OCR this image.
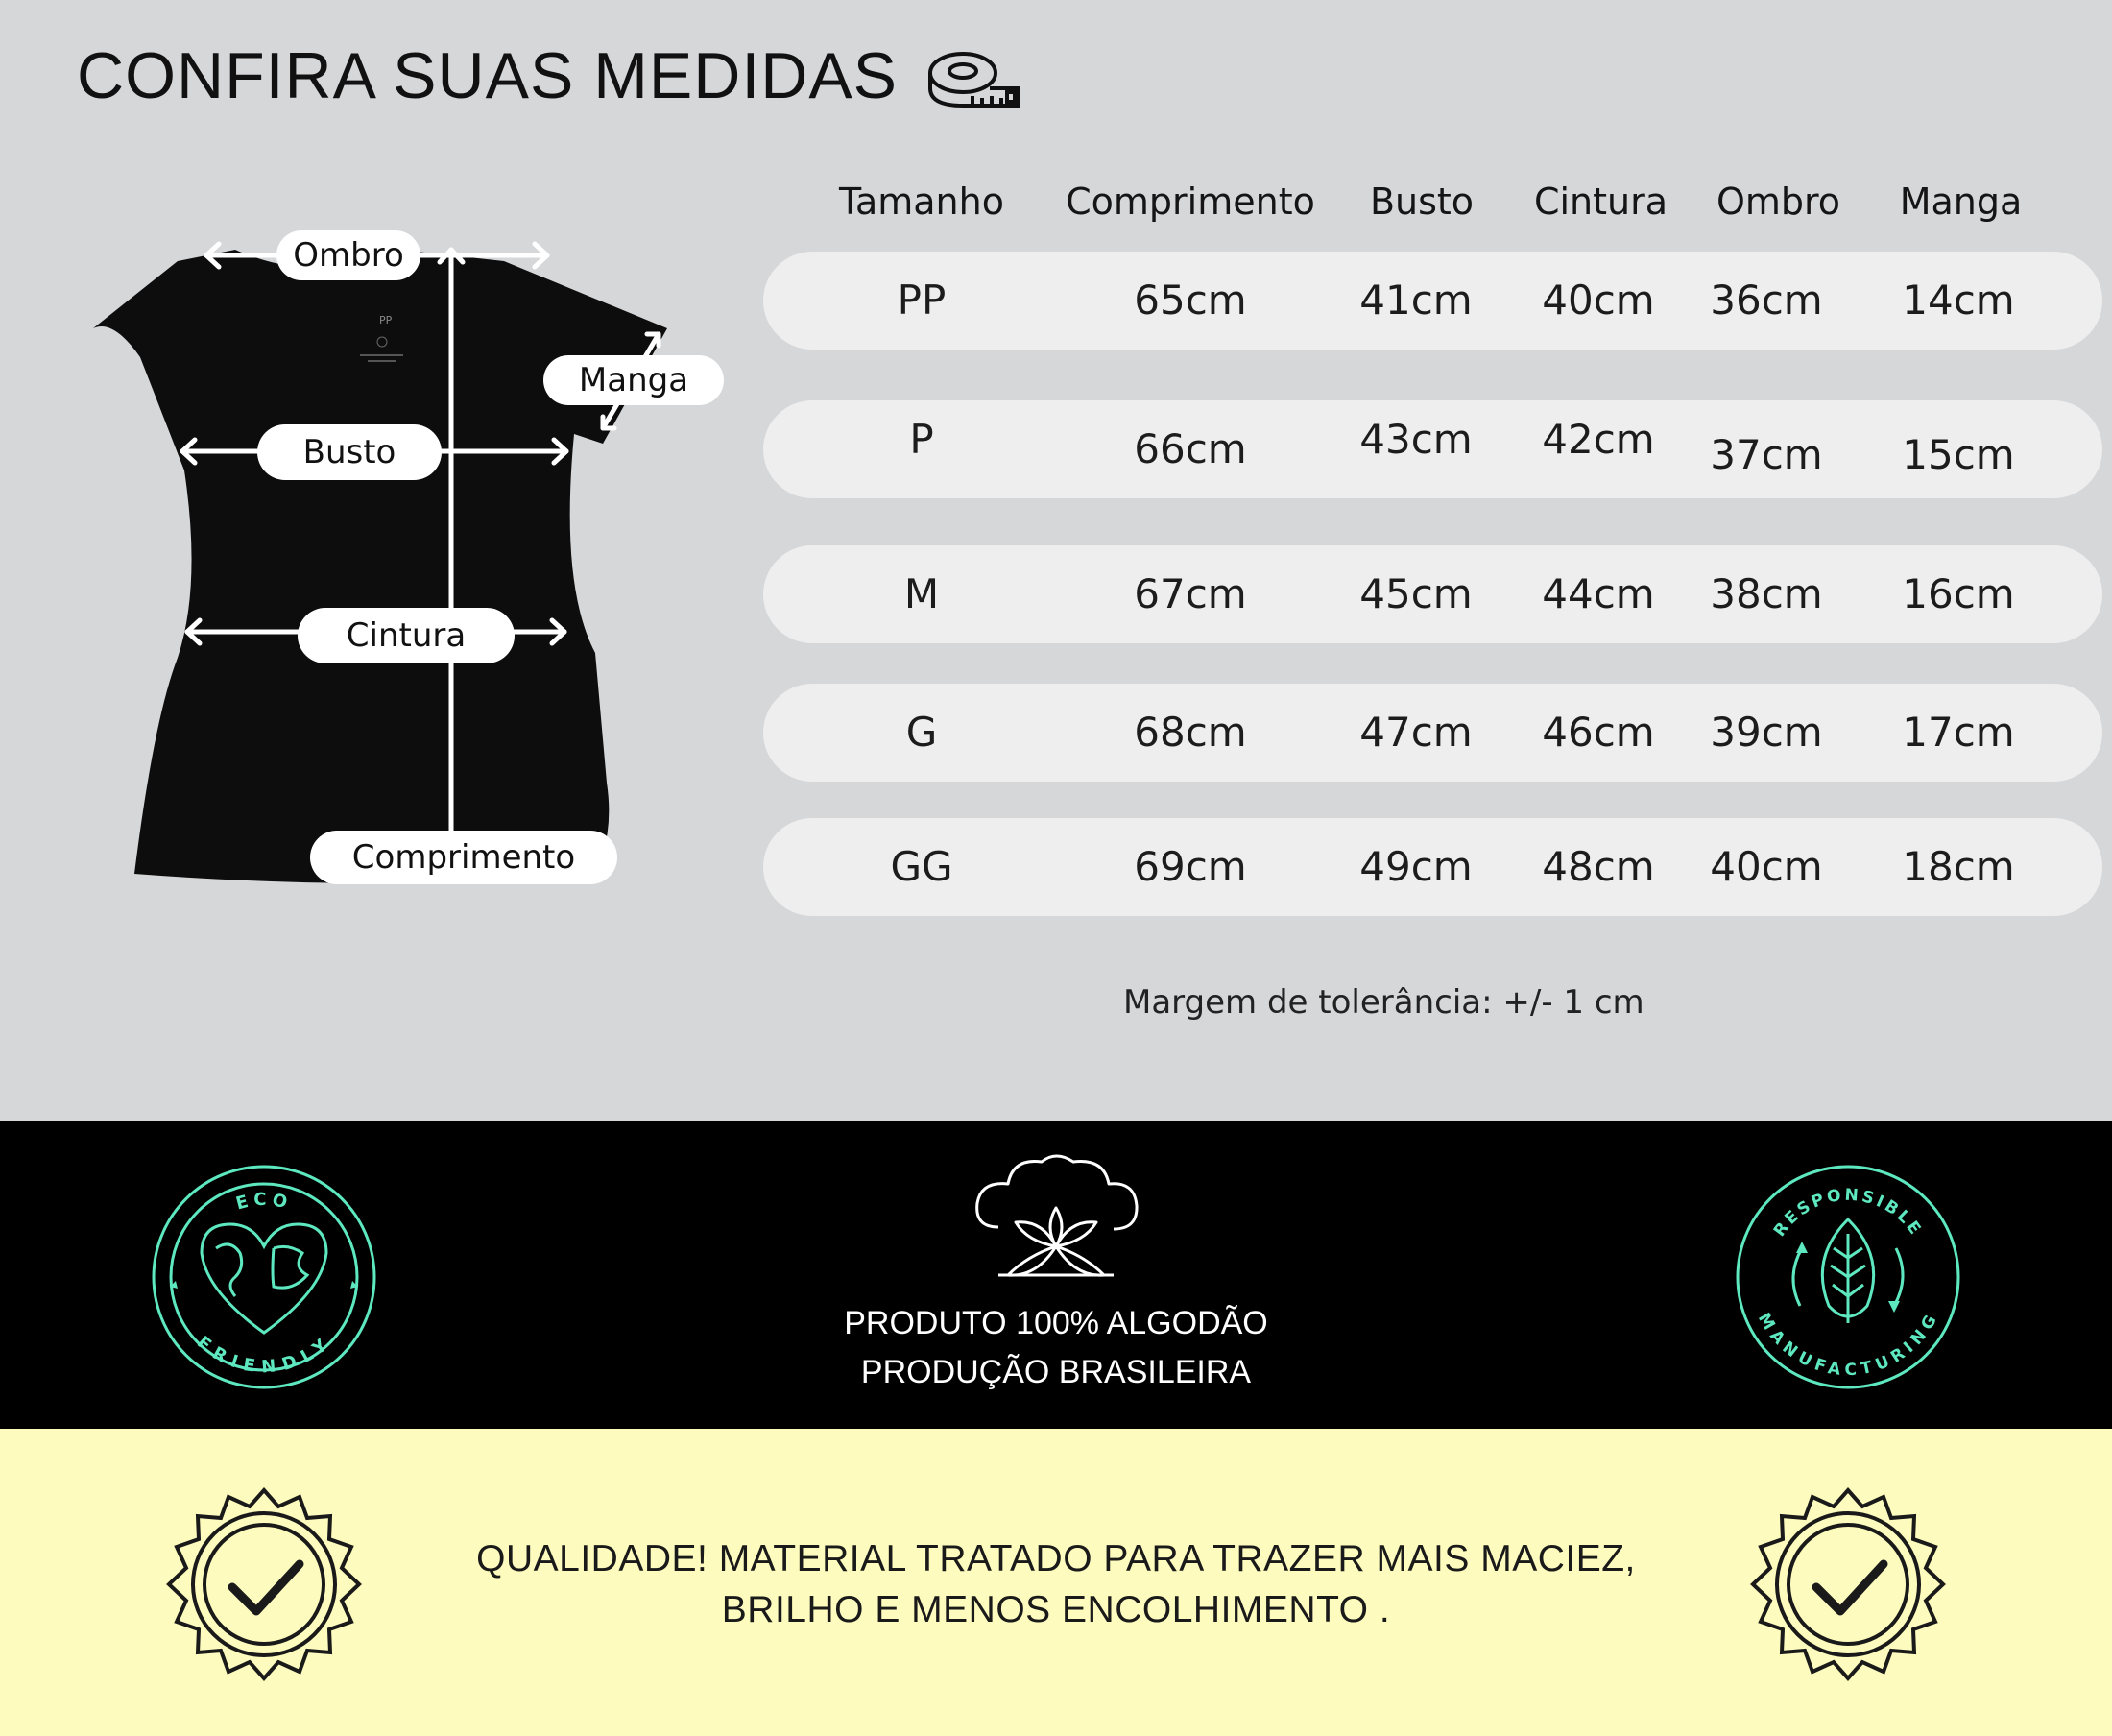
CONFIRA SUAS MEDIDAS
PP
Ombro
Manga
Busto
Cintura
Comprimento
Tamanho	Comprimento	Busto Cintura Ombro Manga
PP	65cm	41cm	40cm	36cm	14cm
P	66cm	43cm	42cm	37cm	15cm
M	67cm	45cm	44cm	38cm	16cm
G	68cm	47cm	46cm	39cm	17cm
GG	69cm	49cm	48cm	40cm	18cm
Margem de tolerância: +/- 1 cm
ECO
FRIENDLY
PRODUTO 100% ALGODÃO
PRODUÇÃO BRASILEIRA
RESPONSIBLE
MANUFACTURING
QUALIDADE! MATERIAL TRATADO PARA TRAZER MAIS MACIEZ,
BRILHO E MENOS ENCOLHIMENTO .
